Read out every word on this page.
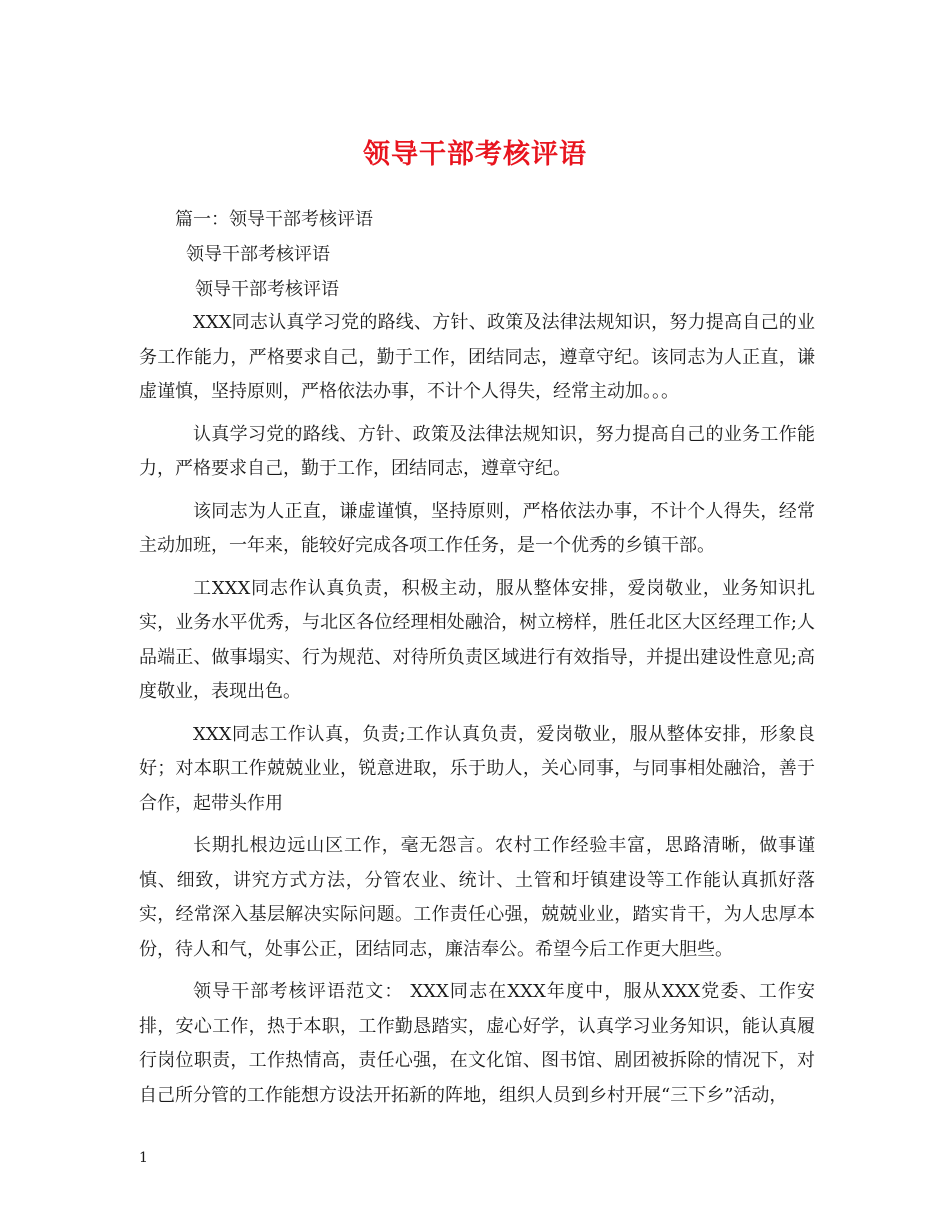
领导干部考核评语
篇一：领导干部考核评语
领导干部考核评语
领导干部考核评语

XXX同志认真学习党的路线、方针、政策及法律法规知识，努力提高自己的业务工作能力，严格要求自己，勤于工作，团结同志，遵章守纪。该同志为人正直，谦虚谨慎，坚持原则，严格依法办事，不计个人得失，经常主动加。。。

认真学习党的路线、方针、政策及法律法规知识，努力提高自己的业务工作能力，严格要求自己，勤于工作，团结同志，遵章守纪。

该同志为人正直，谦虚谨慎，坚持原则，严格依法办事，不计个人得失，经常主动加班，一年来，能较好完成各项工作任务，是一个优秀的乡镇干部。

工XXX同志作认真负责，积极主动，服从整体安排，爱岗敬业，业务知识扎实，业务水平优秀，与北区各位经理相处融洽，树立榜样，胜任北区大区经理工作;人品端正、做事塌实、行为规范、对待所负责区域进行有效指导，并提出建设性意见;高度敬业，表现出色。

XXX同志工作认真，负责;工作认真负责，爱岗敬业，服从整体安排，形象良好；对本职工作兢兢业业，锐意进取，乐于助人，关心同事，与同事相处融洽，善于合作，起带头作用

长期扎根边远山区工作，毫无怨言。农村工作经验丰富，思路清晰，做事谨慎、细致，讲究方式方法，分管农业、统计、土管和圩镇建设等工作能认真抓好落实，经常深入基层解决实际问题。工作责任心强，兢兢业业，踏实肯干，为人忠厚本份，待人和气，处事公正，团结同志，廉洁奉公。希望今后工作更大胆些。

领导干部考核评语范文： XXX同志在XXX年度中，服从XXX党委、工作安排，安心工作，热于本职，工作勤恳踏实，虚心好学，认真学习业务知识，能认真履行岗位职责，工作热情高，责任心强，在文化馆、图书馆、剧团被拆除的情况下，对自己所分管的工作能想方设法开拓新的阵地，组织人员到乡村开展“三下乡”活动，

1
